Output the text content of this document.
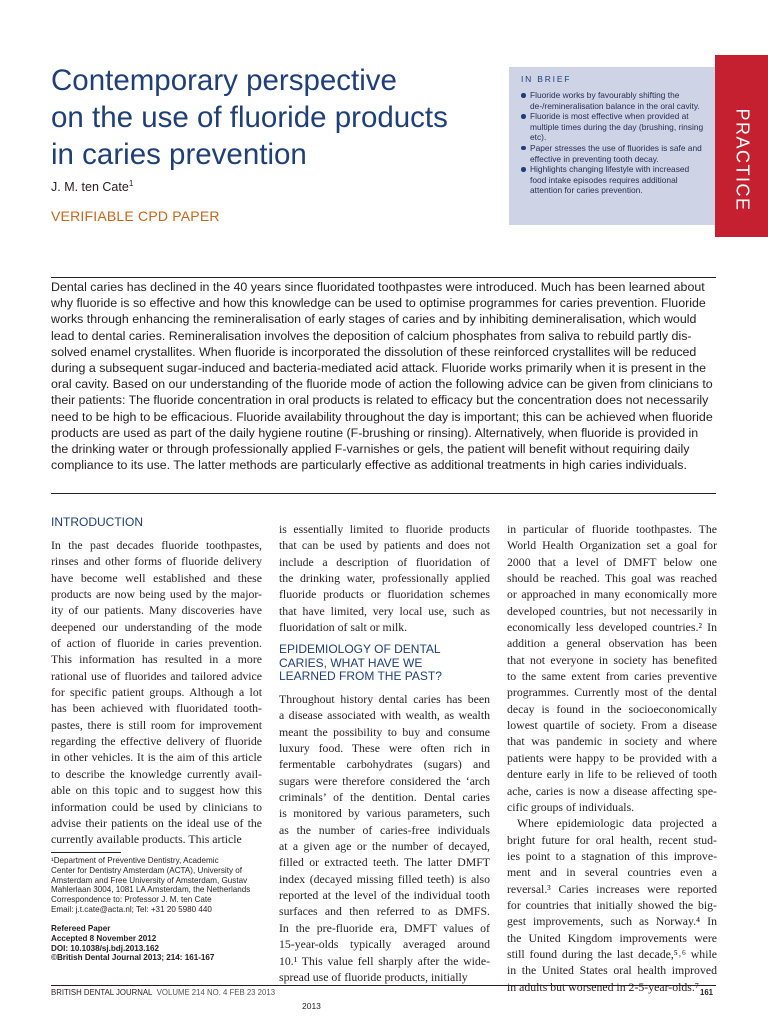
Contemporary perspective
on the use of fluoride products
in caries prevention
J. M. ten Cate$^1$
VERIFIABLE CPD PAPER
IN BRIEF
Fluoride works by favourably shifting the de-/remineralisation balance in the oral cavity.
Fluoride is most effective when provided at multiple times during the day (brushing, rinsing etc).
Paper stresses the use of fluorides is safe and effective in preventing tooth decay.
Highlights changing lifestyle with increased food intake episodes requires additional attention for caries prevention.	PRACTICE
Dental caries has declined in the 40 years since fluoridated toothpastes were introduced. Much has been learned about
why fluoride is so effective and how this knowledge can be used to optimise programmes for caries prevention. Fluoride
works through enhancing the remineralisation of early stages of caries and by inhibiting demineralisation, which would
lead to dental caries. Remineralisation involves the deposition of calcium phosphates from saliva to rebuild partly dis-
solved enamel crystallites. When fluoride is incorporated the dissolution of these reinforced crystallites will be reduced
during a subsequent sugar-induced and bacteria-mediated acid attack. Fluoride works primarily when it is present in the
oral cavity. Based on our understanding of the fluoride mode of action the following advice can be given from clinicians to
their patients: The fluoride concentration in oral products is related to efficacy but the concentration does not necessarily
need to be high to be efficacious. Fluoride availability throughout the day is important; this can be achieved when fluoride
products are used as part of the daily hygiene routine (F-brushing or rinsing). Alternatively, when fluoride is provided in
the drinking water or through professionally applied F-varnishes or gels, the patient will benefit without requiring daily
compliance to its use. The latter methods are particularly effective as additional treatments in high caries individuals.
INTRODUCTION
In the past decades fluoride toothpastes,
rinses and other forms of fluoride delivery
have become well established and these
products are now being used by the major-
ity of our patients. Many discoveries have
deepened our understanding of the mode
of action of fluoride in caries prevention.
This information has resulted in a more
rational use of fluorides and tailored advice
for specific patient groups. Although a lot
has been achieved with fluoridated tooth-
pastes, there is still room for improvement
regarding the effective delivery of fluoride
in other vehicles. It is the aim of this article
to describe the knowledge currently avail-
able on this topic and to suggest how this
information could be used by clinicians to
advise their patients on the ideal use of the
currently available products. This article
¹Department of Preventive Dentistry, Academic
Center for Dentistry Amsterdam (ACTA), University of
Amsterdam and Free University of Amsterdam, Gustav
Mahlerlaan 3004, 1081 LA Amsterdam, the Netherlands
Correspondence to: Professor J. M. ten Cate
Email: j.t.cate@acta.nl; Tel: +31 20 5980 440
Refereed Paper
Accepted 8 November 2012
DOI: 10.1038/sj.bdj.2013.162
©British Dental Journal 2013; 214: 161-167
is essentially limited to fluoride products
that can be used by patients and does not
include a description of fluoridation of
the drinking water, professionally applied
fluoride products or fluoridation schemes
that have limited, very local use, such as
fluoridation of salt or milk.
EPIDEMIOLOGY OF DENTAL
CARIES, WHAT HAVE WE
LEARNED FROM THE PAST?
Throughout history dental caries has been
a disease associated with wealth, as wealth
meant the possibility to buy and consume
luxury food. These were often rich in
fermentable carbohydrates (sugars) and
sugars were therefore considered the ‘arch
criminals’ of the dentition. Dental caries
is monitored by various parameters, such
as the number of caries-free individuals
at a given age or the number of decayed,
filled or extracted teeth. The latter DMFT
index (decayed missing filled teeth) is also
reported at the level of the individual tooth
surfaces and then referred to as DMFS.
In the pre-fluoride era, DMFT values of
15-year-olds typically averaged around
10.¹ This value fell sharply after the wide-
spread use of fluoride products, initially
in particular of fluoride toothpastes. The
World Health Organization set a goal for
2000 that a level of DMFT below one
should be reached. This goal was reached
or approached in many economically more
developed countries, but not necessarily in
economically less developed countries.² In
addition a general observation has been
that not everyone in society has benefited
to the same extent from caries preventive
programmes. Currently most of the dental
decay is found in the socioeconomically
lowest quartile of society. From a disease
that was pandemic in society and where
patients were happy to be provided with a
denture early in life to be relieved of tooth
ache, caries is now a disease affecting spe-
cific groups of individuals.
Where epidemiologic data projected a
bright future for oral health, recent stud-
ies point to a stagnation of this improve-
ment and in several countries even a
reversal.³ Caries increases were reported
for countries that initially showed the big-
gest improvements, such as Norway.⁴ In
the United Kingdom improvements were
still found during the last decade,⁵˒⁶ while
in the United States oral health improved
in adults but worsened in 2-5-year-olds.⁷
BRITISH DENTAL JOURNAL VOLUME 214 NO. 4 FEB 23 2013	161
2013
